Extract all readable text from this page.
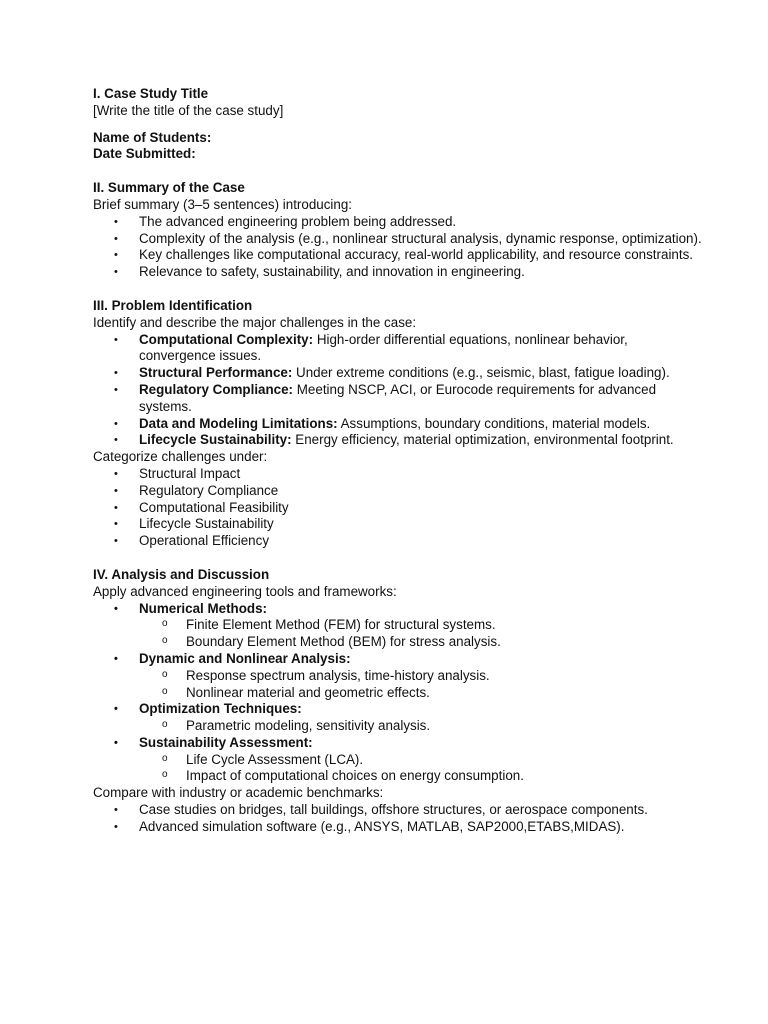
I. Case Study Title
[Write the title of the case study]
Name of Students:
Date Submitted:
II. Summary of the Case
Brief summary (3–5 sentences) introducing:
• The advanced engineering problem being addressed.
• Complexity of the analysis (e.g., nonlinear structural analysis, dynamic response, optimization).
• Key challenges like computational accuracy, real-world applicability, and resource constraints.
• Relevance to safety, sustainability, and innovation in engineering.
III. Problem Identification
Identify and describe the major challenges in the case:
• Computational Complexity: High-order differential equations, nonlinear behavior,
convergence issues.
• Structural Performance: Under extreme conditions (e.g., seismic, blast, fatigue loading).
• Regulatory Compliance: Meeting NSCP, ACI, or Eurocode requirements for advanced
systems.
• Data and Modeling Limitations: Assumptions, boundary conditions, material models.
• Lifecycle Sustainability: Energy efficiency, material optimization, environmental footprint.
Categorize challenges under:
• Structural Impact
• Regulatory Compliance
• Computational Feasibility
• Lifecycle Sustainability
• Operational Efficiency
IV. Analysis and Discussion
Apply advanced engineering tools and frameworks:
• Numerical Methods:
o Finite Element Method (FEM) for structural systems.
o Boundary Element Method (BEM) for stress analysis.
• Dynamic and Nonlinear Analysis:
o Response spectrum analysis, time-history analysis.
o Nonlinear material and geometric effects.
• Optimization Techniques:
o Parametric modeling, sensitivity analysis.
• Sustainability Assessment:
o Life Cycle Assessment (LCA).
o Impact of computational choices on energy consumption.
Compare with industry or academic benchmarks:
• Case studies on bridges, tall buildings, offshore structures, or aerospace components.
• Advanced simulation software (e.g., ANSYS, MATLAB, SAP2000,ETABS,MIDAS).
